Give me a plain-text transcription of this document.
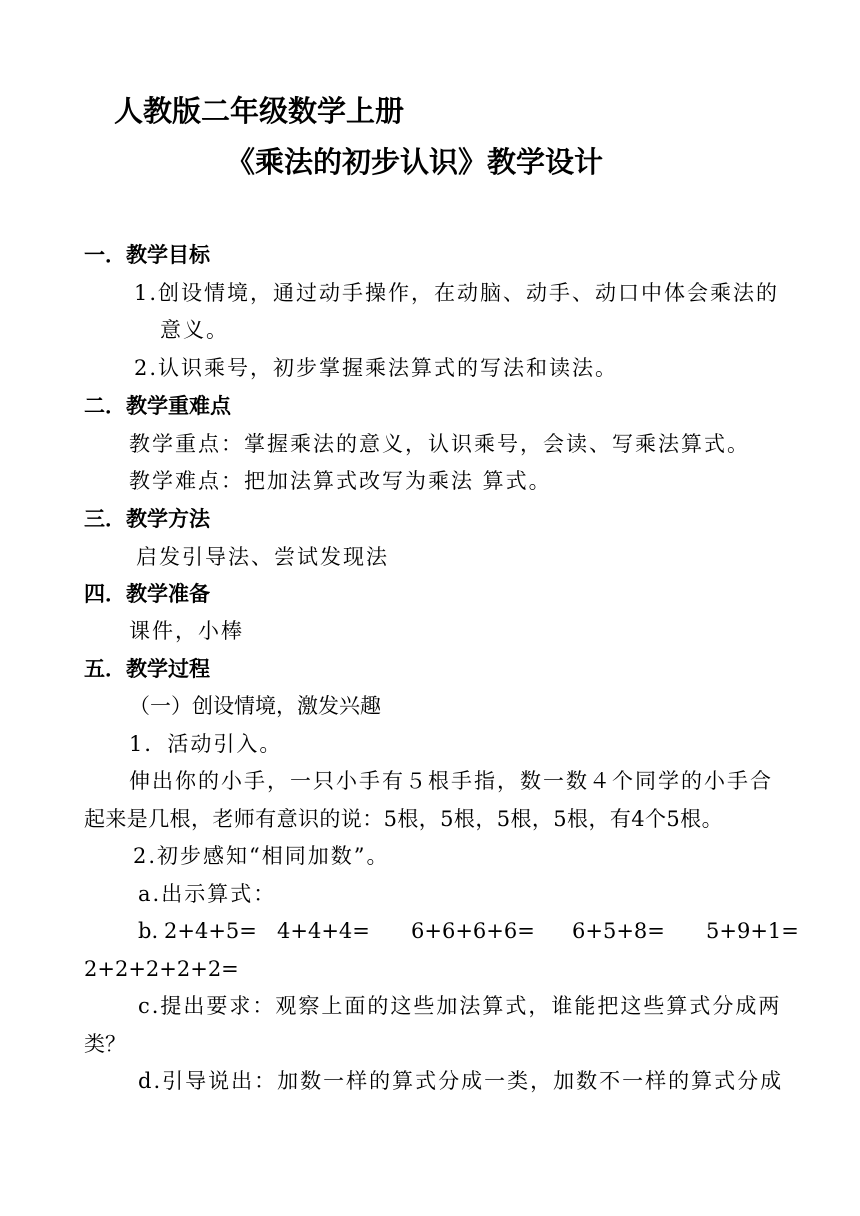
人教版二年级数学上册
《乘法的初步认识》教学设计
一．教学目标
1.创设情境，通过动手操作，在动脑、动手、动口中体会乘法的
意义。
2.认识乘号，初步掌握乘法算式的写法和读法。
二．教学重难点
教学重点：掌握乘法的意义，认识乘号，会读、写乘法算式。
教学难点：把加法算式改写为乘法 算式。
三．教学方法
启发引导法、尝试发现法
四．教学准备
课件，小棒
五．教学过程
（一）创设情境，激发兴趣
1．活动引入。
伸出你的小手，一只小手有５根手指，数一数４个同学的小手合
起来是几根，老师有意识的说：5根，5根，5根，5根，有4个5根。
2.初步感知“相同加数”。
a.出示算式：
b. 2+4+5= 4+4+4= 6+6+6+6= 6+5+8= 5+9+1=
2+2+2+2+2=
c.提出要求：观察上面的这些加法算式，谁能把这些算式分成两
类？
d.引导说出：加数一样的算式分成一类，加数不一样的算式分成
